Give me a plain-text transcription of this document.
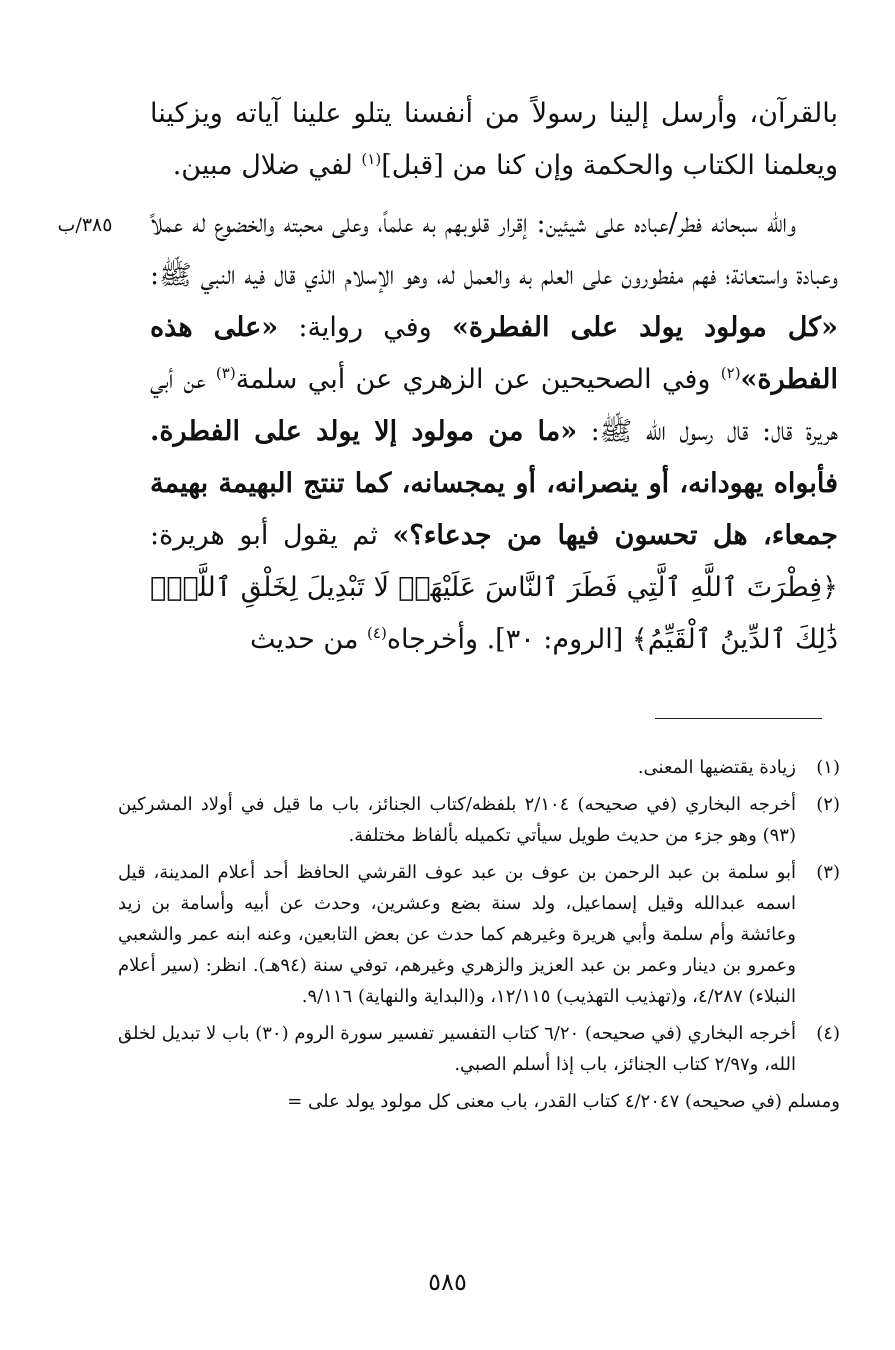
بالقرآن، وأرسل إلينا رسولاً من أنفسنا يتلو علينا آياته ويزكينا ويعلمنا الكتاب والحكمة وإن كنا من [قبل]$^{(١)}$ لفي ضلال مبين.

والله سبحانه فطر/عباده على شيئين: إقرار قلوبهم به علماً، وعلى محبته والخضوع له عملاً وعبادة واستعانة؛ فهم مفطورون على العلم به والعمل له، وهو الإسلام الذي قال فيه النبي ﷺ: «كل مولود يولد على الفطرة» وفي رواية: «على هذه الفطرة»$^{(٢)}$ وفي الصحيحين عن الزهري عن أبي سلمة$^{(٣)}$ عن أبي هريرة قال: قال رسول الله ﷺ: «ما من مولود إلا يولد على الفطرة. فأبواه يهودانه، أو ينصرانه، أو يمجسانه، كما تنتج البهيمة بهيمة جمعاء، هل تحسون فيها من جدعاء؟» ثم يقول أبو هريرة: ﴿فِطْرَتَ ٱللَّهِ ٱلَّتِي فَطَرَ ٱلنَّاسَ عَلَيْهَاۚ لَا تَبْدِيلَ لِخَلْقِ ٱللَّهِۚ ذَٰلِكَ ٱلدِّينُ ٱلْقَيِّمُ﴾ [الروم: ٣٠]. وأخرجاه$^{(٤)}$ من حديث

٣٨٥/ب
(١)
زيادة يقتضيها المعنى.
(٢)
أخرجه البخاري (في صحيحه) ٢/١٠٤ بلفظه/كتاب الجنائز، باب ما قيل في أولاد المشركين (٩٣) وهو جزء من حديث طويل سيأتي تكميله بألفاظ مختلفة.
(٣)
أبو سلمة بن عبد الرحمن بن عوف بن عبد عوف القرشي الحافظ أحد أعلام المدينة، قيل اسمه عبدالله وقيل إسماعيل، ولد سنة بضع وعشرين، وحدث عن أبيه وأسامة بن زيد وعائشة وأم سلمة وأبي هريرة وغيرهم كما حدث عن بعض التابعين، وعنه ابنه عمر والشعبي وعمرو بن دينار وعمر بن عبد العزيز والزهري وغيرهم، توفي سنة (٩٤هـ). انظر: (سير أعلام النبلاء) ٤/٢٨٧، و(تهذيب التهذيب) ١٢/١١٥، و(البداية والنهاية) ٩/١١٦.
(٤)
أخرجه البخاري (في صحيحه) ٦/٢٠ كتاب التفسير تفسير سورة الروم (٣٠) باب لا تبديل لخلق الله، و٢/٩٧ كتاب الجنائز، باب إذا أسلم الصبي.
ومسلم (في صحيحه) ٤/٢٠٤٧ كتاب القدر، باب معنى كل مولود يولد على =
٥٨٥
